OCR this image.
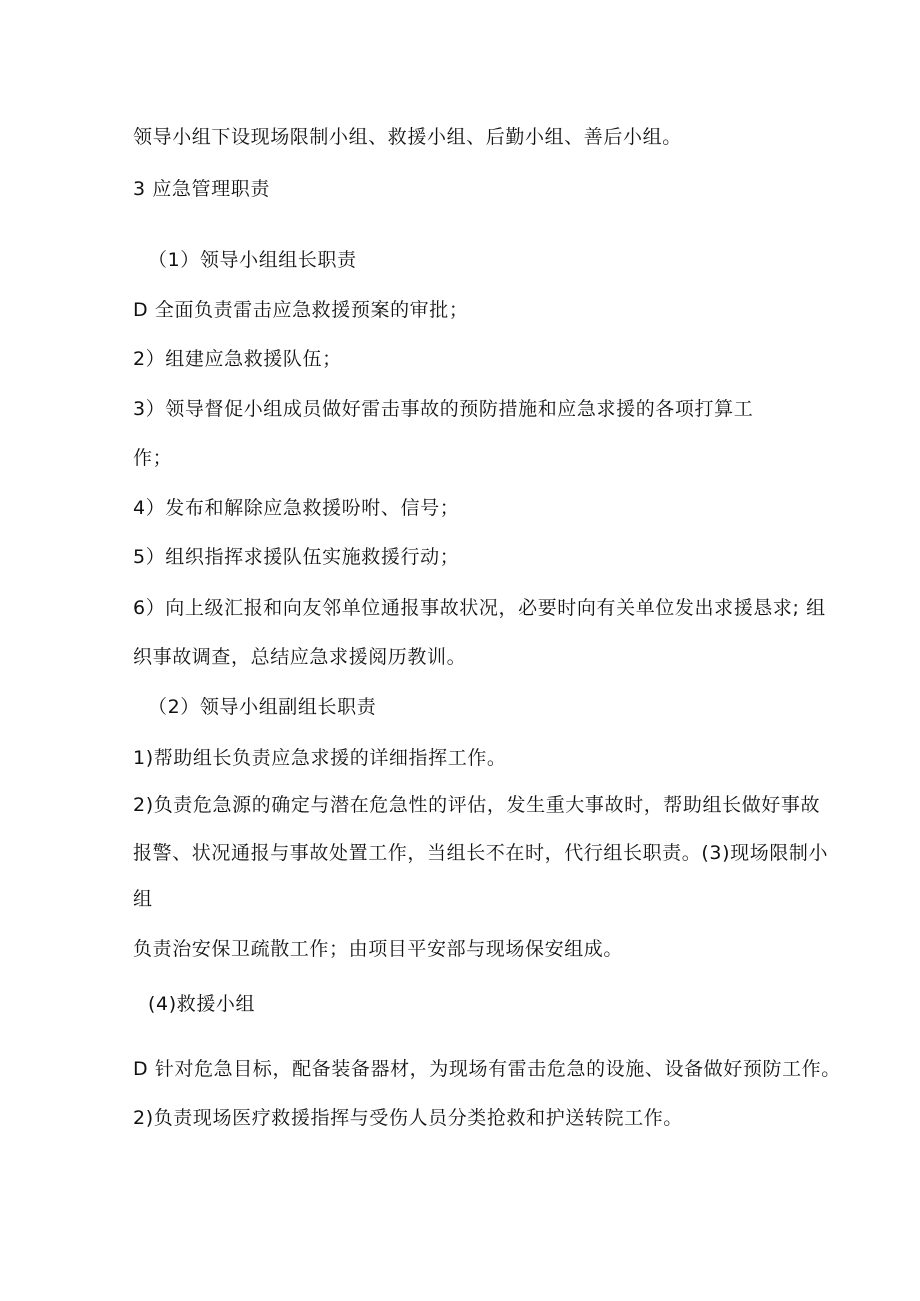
领导小组下设现场限制小组、救援小组、后勤小组、善后小组。

3 应急管理职责

（1）领导小组组长职责

D 全面负责雷击应急救援预案的审批；

2）组建应急救援队伍；

3）领导督促小组成员做好雷击事故的预防措施和应急求援的各项打算工

作；

4）发布和解除应急救援吩咐、信号；

5）组织指挥求援队伍实施救援行动；

6）向上级汇报和向友邻单位通报事故状况，必要时向有关单位发出求援恳求; 组

织事故调查，总结应急求援阅历教训。

（2）领导小组副组长职责

1)帮助组长负责应急求援的详细指挥工作。

2)负责危急源的确定与潜在危急性的评估，发生重大事故时，帮助组长做好事故

报警、状况通报与事故处置工作，当组长不在时，代行组长职责。(3)现场限制小

组

负责治安保卫疏散工作；由项目平安部与现场保安组成。

(4)救援小组

D 针对危急目标，配备装备器材，为现场有雷击危急的设施、设备做好预防工作。

2)负责现场医疗救援指挥与受伤人员分类抢救和护送转院工作。
